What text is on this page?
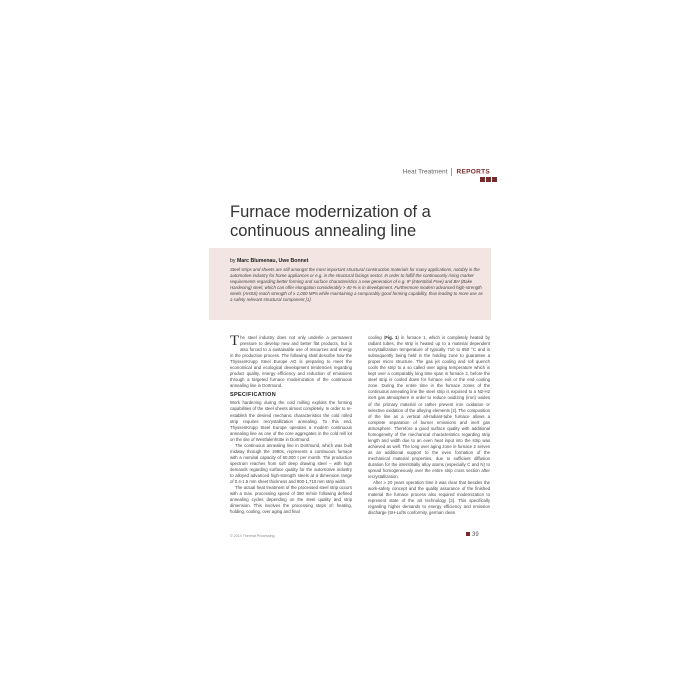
Heat Treatment REPORTS
Furnace modernization of a continuous annealing line
by Marc Blumenau, Uwe Bonnet

Steel strips and sheets are still amongst the most important structural construction materials for many applications, notably in the automotive industry for home appliances or e.g. in the structural facings sector. In order to fulfill the continuously rising market requirements regarding better forming and surface characteristics a new generation of e.g. IF (Interstitial Free) and BH (Bake Hardening) steel, which can offer elongation considerably > 40 % is in development. Furthermore modern advanced high-strength steels (AHSS) reach strength of ≥ 1,000 MPa while maintaining a comparably good forming capability, thus leading to more use as a safety relevant structural component [1].

The steel industry does not only underlie a permanent pressure to develop new and better flat products, but is also forced to a sustainable use of resources and energy in the production process. The following shall describe how the ThyssenKrupp Steel Europe AG is preparing to meet the economical and ecological development tendencies regarding product quality, energy efficiency and reduction of emissions through a targeted furnace modernization of the continuous annealing line in Dortmund.

SPECIFICATION

Work hardening during the cold milling exploits the forming capabilities of the steel sheets almost completely. In order to re-establish the desired mechanic characteristics the cold rolled strip requires recrystallization annealing. To this end, ThyssenKrupp Steel Europe operates a modern continuous annealing line as one of the core aggregates in the cold mill lot on the site of Westfalenhütte in Dortmund.

The continuous annealing line in Dortmund, which was built midway through the 1980s, represents a continuous furnace with a nominal capacity of 60,000 t per month. The production spectrum reaches from soft deep drawing steel – with high demands regarding surface quality for the automotive industry to alloyed advanced high-strength steels at a dimension range of 0.4-1.5 mm sheet thickness and 900-1,710 mm strip width.

The actual heat treatment of the processed steel strip occurs with a max. processing speed of 380 m/min following defined annealing cycles depending on the steel quality and strip dimension. This involves the processing steps of: heating, holding, cooling, over aging and final

cooling (Fig. 1) in furnace 1, which is completely heated by radiant tubes, the strip is heated up to a material dependent recrystallization temperature of typically 710 to 850 °C and is subsequently being held in the holding zone to guarantee a proper micro structure. The gas jet cooling and roll quench cools the strip to a so called over aging temperature which is kept over a comparably long time span in furnace 2, before the steel strip is cooled down for furnace exit or the end cooling zone. During the entire time in the furnace zones of the continuous annealing line the steel strip is exposed to a N2-H2 inert gas atmosphere in order to reduce oxidizing (iron) oxides of the primary material or rather prevent iron oxidation or selective oxidation of the alloying elements [2]. The composition of the line as a vertical all-radiant-tube furnace allows a complete separation of burner emissions and inert gas atmosphere. Therefore a good surface quality with additional homogeneity of the mechanical characteristics regarding strip length and width due to an even heat input into the strip was achieved as well. The long over aging zone in furnace 2 serves as an additional support to the even formation of the mechanical material properties, due to sufficient diffusion duration for the interstitially alloy atoms (especially C and N) to spread homogeneously over the entire strip cross section after recrystallization.

After ≥ 20 years operation time it was clear that besides the work-safety concept and the quality assurance of the finished material the furnace process also required modernization to represent state of the art technology [3]. This specifically regarding higher demands to energy efficiency and emission discharge (SH-Lufts conformity, german clean

© 2014 Thermal Processing	39
